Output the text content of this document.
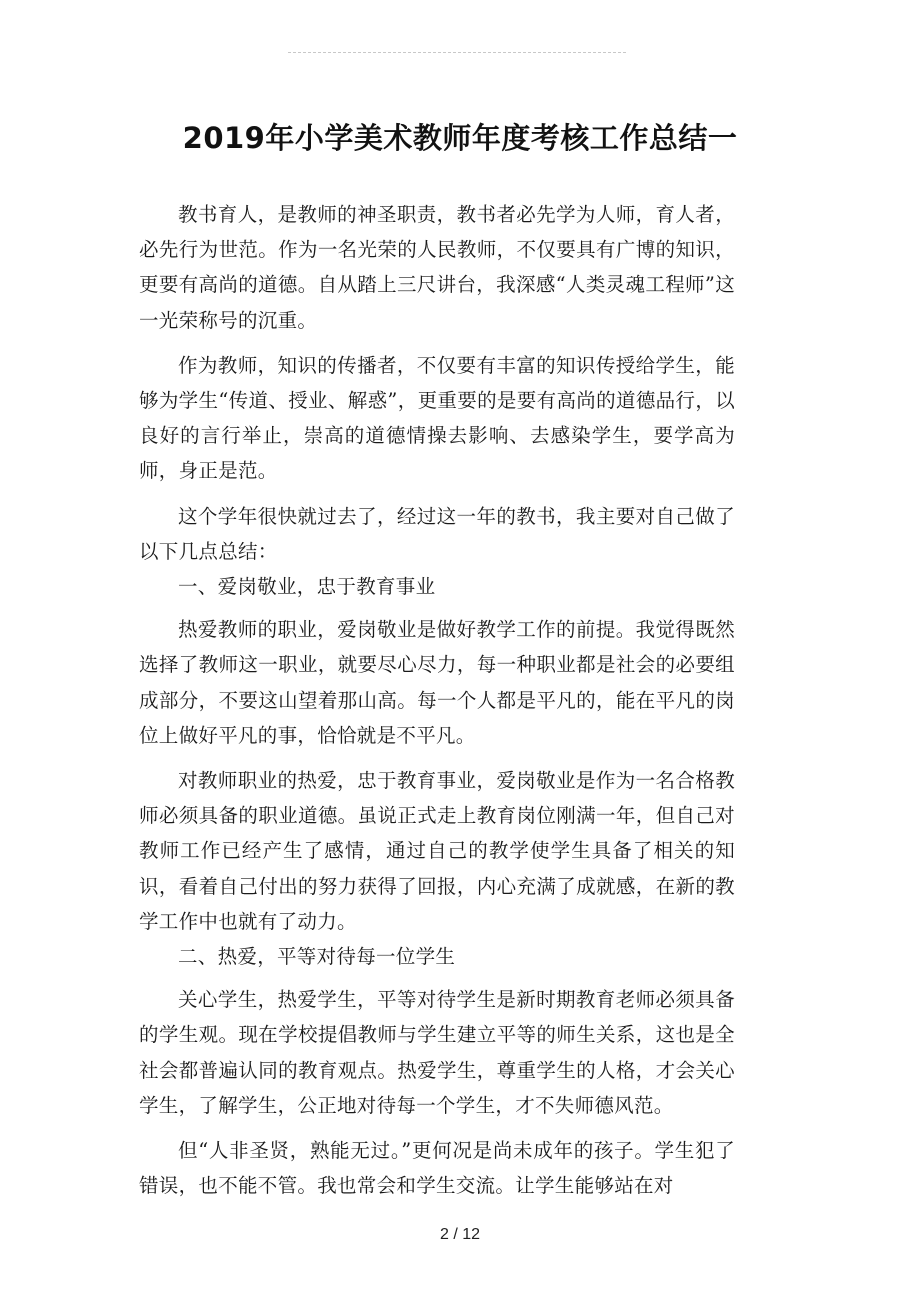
2019年小学美术教师年度考核工作总结一

教书育人，是教师的神圣职责，教书者必先学为人师，育人者，必先行为世范。作为一名光荣的人民教师，不仅要具有广博的知识，更要有高尚的道德。自从踏上三尺讲台，我深感“人类灵魂工程师”这一光荣称号的沉重。

作为教师，知识的传播者，不仅要有丰富的知识传授给学生，能够为学生“传道、授业、解惑”，更重要的是要有高尚的道德品行，以良好的言行举止，崇高的道德情操去影响、去感染学生，要学高为师，身正是范。

这个学年很快就过去了，经过这一年的教书，我主要对自己做了以下几点总结：

一、爱岗敬业，忠于教育事业

热爱教师的职业，爱岗敬业是做好教学工作的前提。我觉得既然选择了教师这一职业，就要尽心尽力，每一种职业都是社会的必要组成部分，不要这山望着那山高。每一个人都是平凡的，能在平凡的岗位上做好平凡的事，恰恰就是不平凡。

对教师职业的热爱，忠于教育事业，爱岗敬业是作为一名合格教师必须具备的职业道德。虽说正式走上教育岗位刚满一年，但自己对教师工作已经产生了感情，通过自己的教学使学生具备了相关的知识，看着自己付出的努力获得了回报，内心充满了成就感，在新的教学工作中也就有了动力。

二、热爱，平等对待每一位学生

关心学生，热爱学生，平等对待学生是新时期教育老师必须具备的学生观。现在学校提倡教师与学生建立平等的师生关系，这也是全社会都普遍认同的教育观点。热爱学生，尊重学生的人格，才会关心学生，了解学生，公正地对待每一个学生，才不失师德风范。

但“人非圣贤，熟能无过。”更何况是尚未成年的孩子。学生犯了错误，也不能不管。我也常会和学生交流。让学生能够站在对

2 / 12
